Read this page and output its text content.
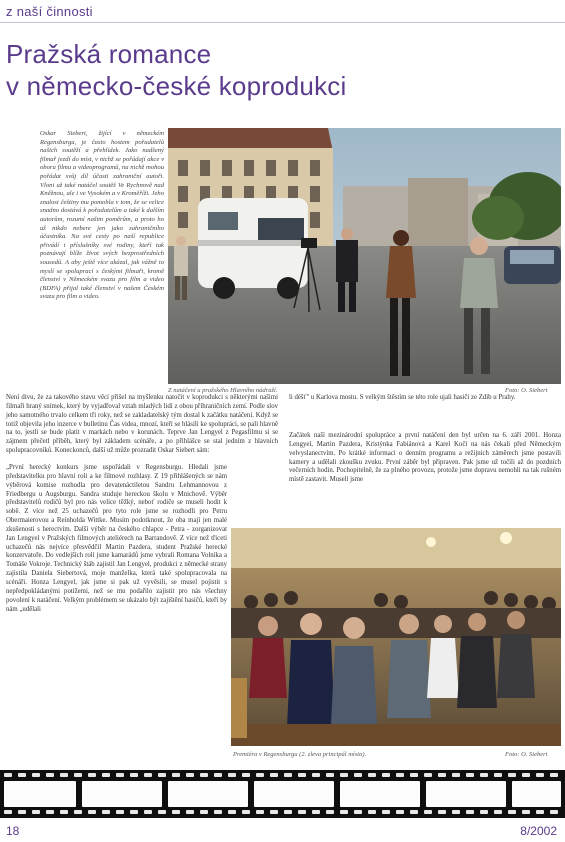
z naší činnosti
Pražská romance
v německo-české koprodukci
Oskar Siebert, žijící v německém Regensburgu, je často hostem pořadatelů našich soutěží a přehlídek. Jako nadšený filmař jezdí do míst, v nichž se pořádají akce v oboru filmu a videoprogramů, na nichž mohou pořádat svůj díl účasti zahraniční autoři. Vloni už také natáčel soutěž Ve Rychnově nad Kněžnou, ale i ve Vysokém a v Kroměříži. Jeho znalost češtiny mu pomohla v tom, že se velice snadno dostává k pořadatelům a také k dalším autorům, rozumí našim poměrům, a proto ho už nikdo nebere jen jako zahraničního účastníka. Na své cesty po naší republice přivádí i příslušníky své rodiny, kteří tak poznávají blíže život svých bezprostředních sousedů. A aby ještě více ukázal, jak vážně to myslí se spoluprací s českými filmaři, kromě členství v Německém svazu pro film a video (BDFA) přijal také členství v našem Českém svazu pro film a video.
Z natáčení u pražského Hlavního nádraží.	Foto: O. Siebert
Není divu, že za takového stavu věcí přišel na myšlenku natočit v koprodukci s některými našimi filmaři hraný snímek, který by vyjadřoval vztah mladých lidí z obou příhraničních zemí. Podle slov jeho samotného trvalo celkem tři roky, než se zakladatelský tým dostal k začátku natáčení. Když se totiž objevila jeho inzerce v bulletinu Čas videa, mnozí, kteří se hlásili ke spolupráci, se pali hlavně na to, jestli se bude platit v markách nebo v korunách. Teprve Jan Lengyel z Pegasfilmu si se zájmem přečetl příběh, který byl základem scénáře, a po přihlášce se stal jedním z hlavních spolupracovníků. Koneckonců, další už může prozradit Oskar Siebert sám:
„První herecký konkurs jsme uspořádali v Regensburgu. Hledali jsme představitelku pro hlavní roli a ke filmové rozhlasy. Z 19 přihlášených se nám výběrová komise rozhodla pro devatenáctiletou Sandru Lehmannovou z Friedbergu u Augsburgu. Sandra studuje hereckou školu v Mnichově. Výběr představitelů rodičů byl pro nás velice těžký, neboť rodiče se museli hodit k sobě. Z více než 25 uchazečů pro tyto role jsme se rozhodli pro Petru Obermaierovou a Reinholda Wittke. Musím podotknout, že oba mají jen malé zkušenosti s herectvím. Další výběr na českého chlapce - Petra - zorganizovat Jan Lengyel v Pražských filmových ateliérech na Barrandově. Z více než třiceti uchazečů nás nejvíce přesvědčil Martin Pazdera, student Pražské herecké konzervatoře. Do vedlejších rolí jsme kamarádů jsme vybrali Romana Volníka a Tomáše Vokroje. Technický štáb zajistil Jan Lengyel, produkci z německé strany zajistila Daniela Siebertová, moje manželka, která také spolupracovala na scénáři. Honza Lengyel, jak jsme si pak už vyvěsili, se musel pojistit s nepředpokládanými potížemi, než se mu podařilo zajistit pro nás všechny povolení k natáčení. Velkým problémem se ukázalo být zajištění hasičů, kteří by nám „udělali
li déšť" u Karlova mostu. S velkým štěstím se této role ujali hasiči ze Zdib u Prahy.
Začátek naší mezinárodní spolupráce a první natáčení den byl určen na 6. září 2001. Honza Lengyel, Martin Pazdera, Kristýnka Fabiánová a Karel Kočí na nás čekali před Německým velvyslanectvím. Po krátké informaci o denním programu a režijních záměrech jsme postavili kamery a udělali zkoušku zvuku. První záběr byl připraven. Pak jsme už točili až do pozdních večerních hodin. Pochopitelně, že za plného provozu, protože jsme dopravu nemohli na tak rušném místě zastavit. Museli jsme
Premiéra v Regensburgu (2. zleva principál místa).	Foto: O. Siebert
18	8/2002
